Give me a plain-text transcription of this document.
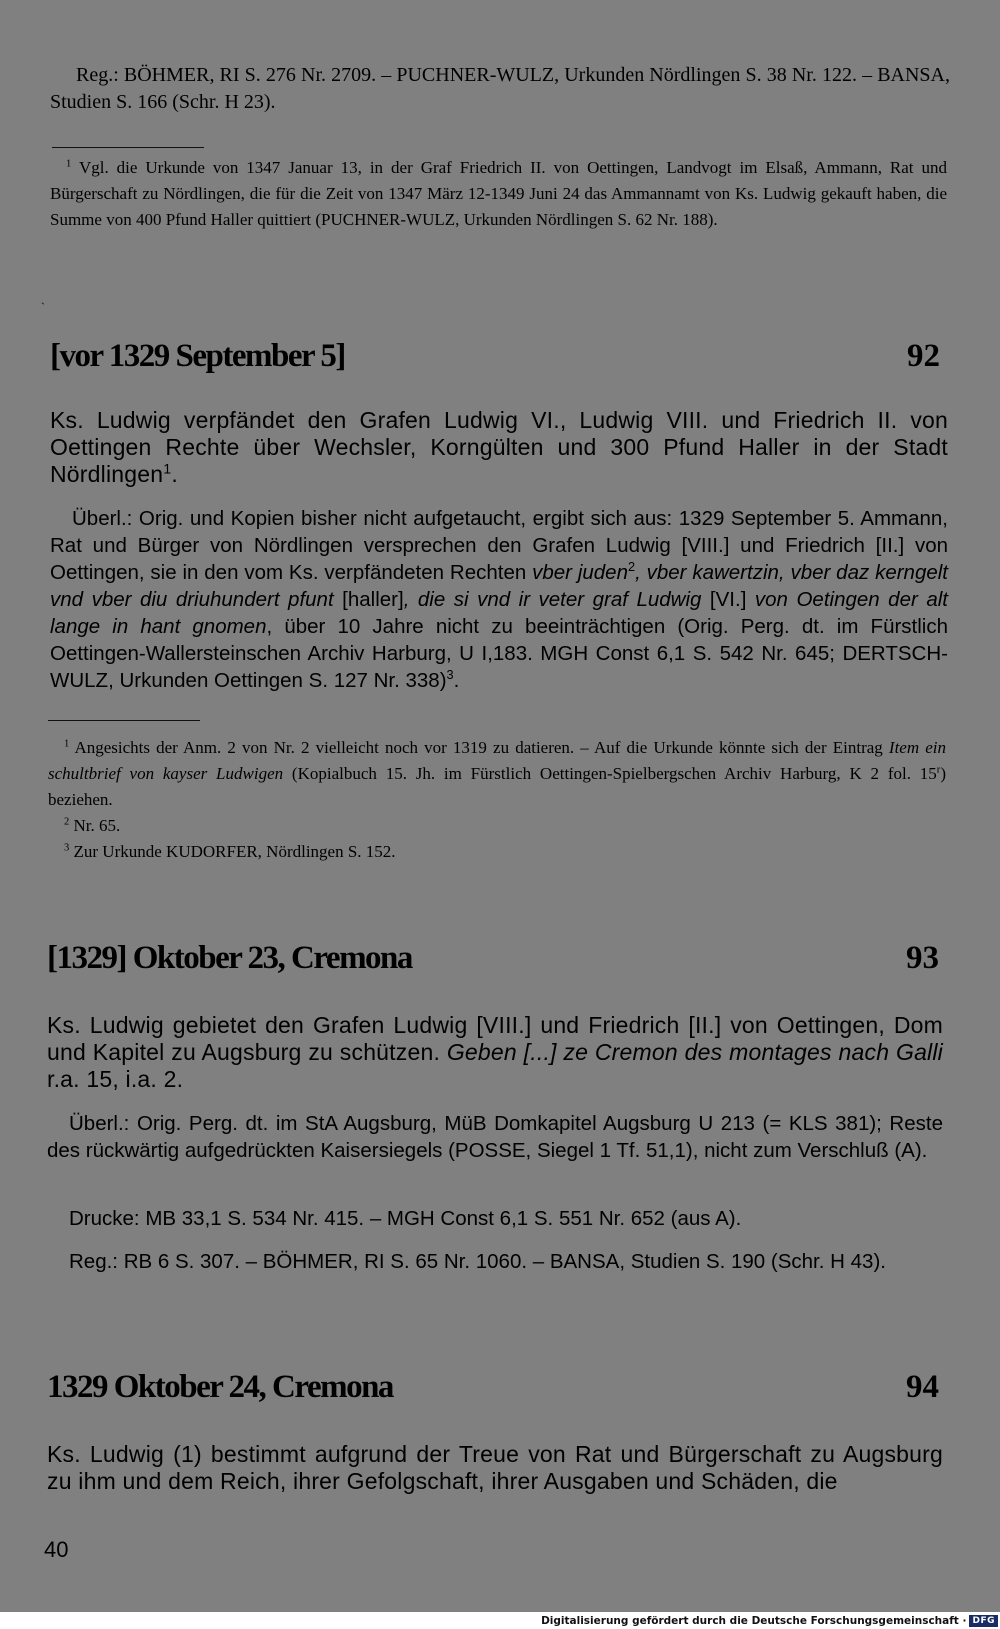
Reg.: BÖHMER, RI S. 276 Nr. 2709. – PUCHNER-WULZ, Urkunden Nördlingen S. 38 Nr. 122. – BANSA, Studien S. 166 (Schr. H 23).

$^1$ Vgl. die Urkunde von 1347 Januar 13, in der Graf Friedrich II. von Oettingen, Landvogt im Elsaß, Ammann, Rat und Bürgerschaft zu Nördlingen, die für die Zeit von 1347 März 12-1349 Juni 24 das Ammannamt von Ks. Ludwig gekauft haben, die Summe von 400 Pfund Haller quittiert (PUCHNER-WULZ, Urkunden Nördlingen S. 62 Nr. 188).

`
[vor 1329 September 5]	92
Ks. Ludwig verpfändet den Grafen Ludwig VI., Ludwig VIII. und Friedrich II. von Oettingen Rechte über Wechsler, Korngülten und 300 Pfund Haller in der Stadt Nördlingen$^1$.
Überl.: Orig. und Kopien bisher nicht aufgetaucht, ergibt sich aus: 1329 September 5. Ammann, Rat und Bürger von Nördlingen versprechen den Grafen Ludwig [VIII.] und Friedrich [II.] von Oettingen, sie in den vom Ks. verpfändeten Rechten vber juden$^2$, vber kawertzin, vber daz kerngelt vnd vber diu driuhundert pfunt [haller], die si vnd ir veter graf Ludwig [VI.] von Oetingen der alt lange in hant gnomen, über 10 Jahre nicht zu beeinträchtigen (Orig. Perg. dt. im Fürstlich Oettingen-Wallersteinschen Archiv Harburg, U I,183. MGH Const 6,1 S. 542 Nr. 645; DERTSCH-WULZ, Urkunden Oettingen S. 127 Nr. 338)$^3$.

$^1$ Angesichts der Anm. 2 von Nr. 2 vielleicht noch vor 1319 zu datieren. – Auf die Urkunde könnte sich der Eintrag Item ein schultbrief von kayser Ludwigen (Kopialbuch 15. Jh. im Fürstlich Oettingen-Spielbergschen Archiv Harburg, K 2 fol. 15$^r$) beziehen.

$^2$ Nr. 65.

$^3$ Zur Urkunde KUDORFER, Nördlingen S. 152.

[1329] Oktober 23, Cremona	93
Ks. Ludwig gebietet den Grafen Ludwig [VIII.] und Friedrich [II.] von Oettingen, Dom und Kapitel zu Augsburg zu schützen. Geben [...] ze Cremon des montages nach Galli r.a. 15, i.a. 2.
Überl.: Orig. Perg. dt. im StA Augsburg, MüB Domkapitel Augsburg U 213 (= KLS 381); Reste des rückwärtig aufgedrückten Kaisersiegels (POSSE, Siegel 1 Tf. 51,1), nicht zum Verschluß (A).
Drucke: MB 33,1 S. 534 Nr. 415. – MGH Const 6,1 S. 551 Nr. 652 (aus A).
Reg.: RB 6 S. 307. – BÖHMER, RI S. 65 Nr. 1060. – BANSA, Studien S. 190 (Schr. H 43).
1329 Oktober 24, Cremona	94
Ks. Ludwig (1) bestimmt aufgrund der Treue von Rat und Bürgerschaft zu Augsburg zu ihm und dem Reich, ihrer Gefolgschaft, ihrer Ausgaben und Schäden, die
40
Digitalisierung gefördert durch die Deutsche Forschungsgemeinschaft · DFG
